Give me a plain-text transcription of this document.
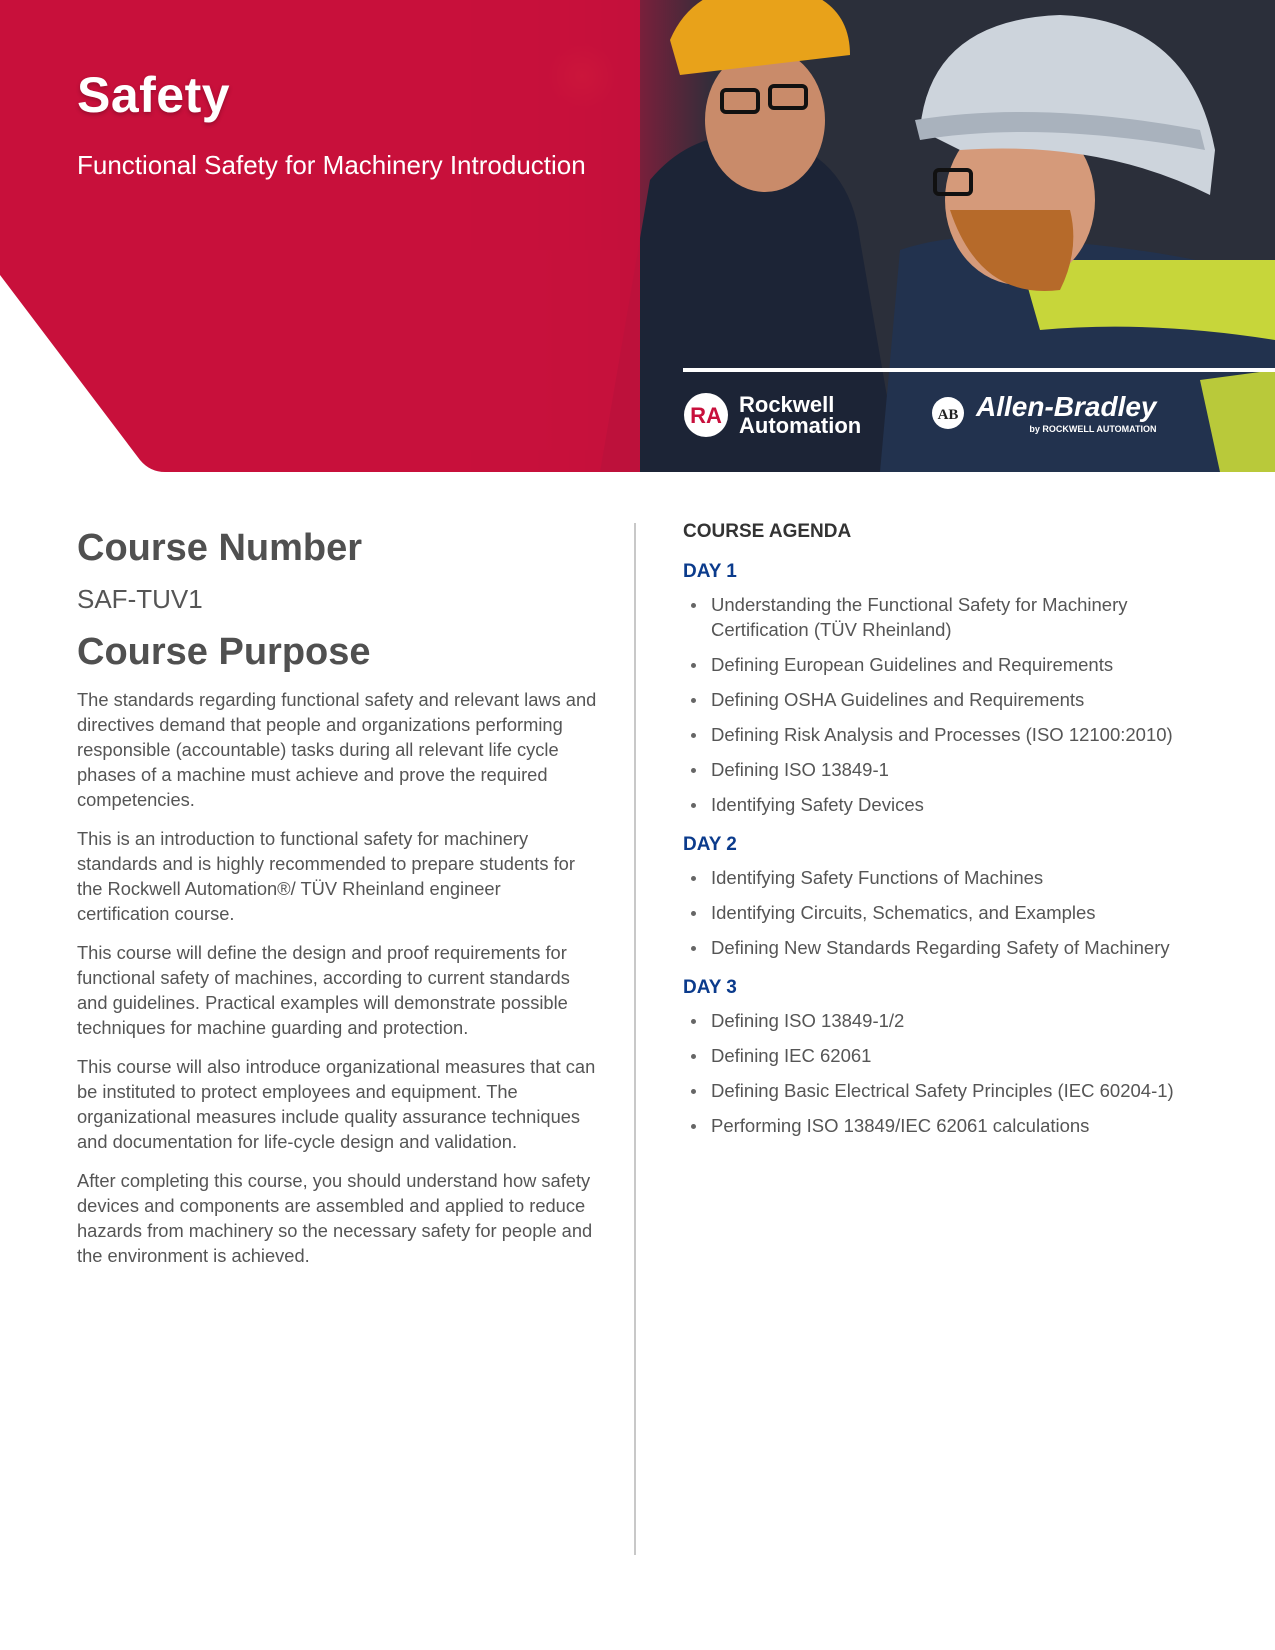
Safety
Functional Safety for Machinery Introduction
RA Rockwell
Automation	AB Allen-Bradley
by ROCKWELL AUTOMATION
Course Number

SAF-TUV1

Course Purpose

The standards regarding functional safety and relevant laws and directives demand that people and organizations performing responsible (accountable) tasks during all relevant life cycle phases of a machine must achieve and prove the required competencies.

This is an introduction to functional safety for machinery standards and is highly recommended to prepare students for the Rockwell Automation®/ TÜV Rheinland engineer certification course.

This course will define the design and proof requirements for functional safety of machines, according to current standards and guidelines. Practical examples will demonstrate possible techniques for machine guarding and protection.

This course will also introduce organizational measures that can be instituted to protect employees and equipment. The organizational measures include quality assurance techniques and documentation for life-cycle design and validation.

After completing this course, you should understand how safety devices and components are assembled and applied to reduce hazards from machinery so the necessary safety for people and the environment is achieved.

COURSE AGENDA
DAY 1
Understanding the Functional Safety for Machinery Certification (TÜV Rheinland)
Defining European Guidelines and Requirements
Defining OSHA Guidelines and Requirements
Defining Risk Analysis and Processes (ISO 12100:2010)
Defining ISO 13849-1
Identifying Safety Devices
DAY 2
Identifying Safety Functions of Machines
Identifying Circuits, Schematics, and Examples
Defining New Standards Regarding Safety of Machinery
DAY 3
Defining ISO 13849-1/2
Defining IEC 62061
Defining Basic Electrical Safety Principles (IEC 60204-1)
Performing ISO 13849/IEC 62061 calculations
